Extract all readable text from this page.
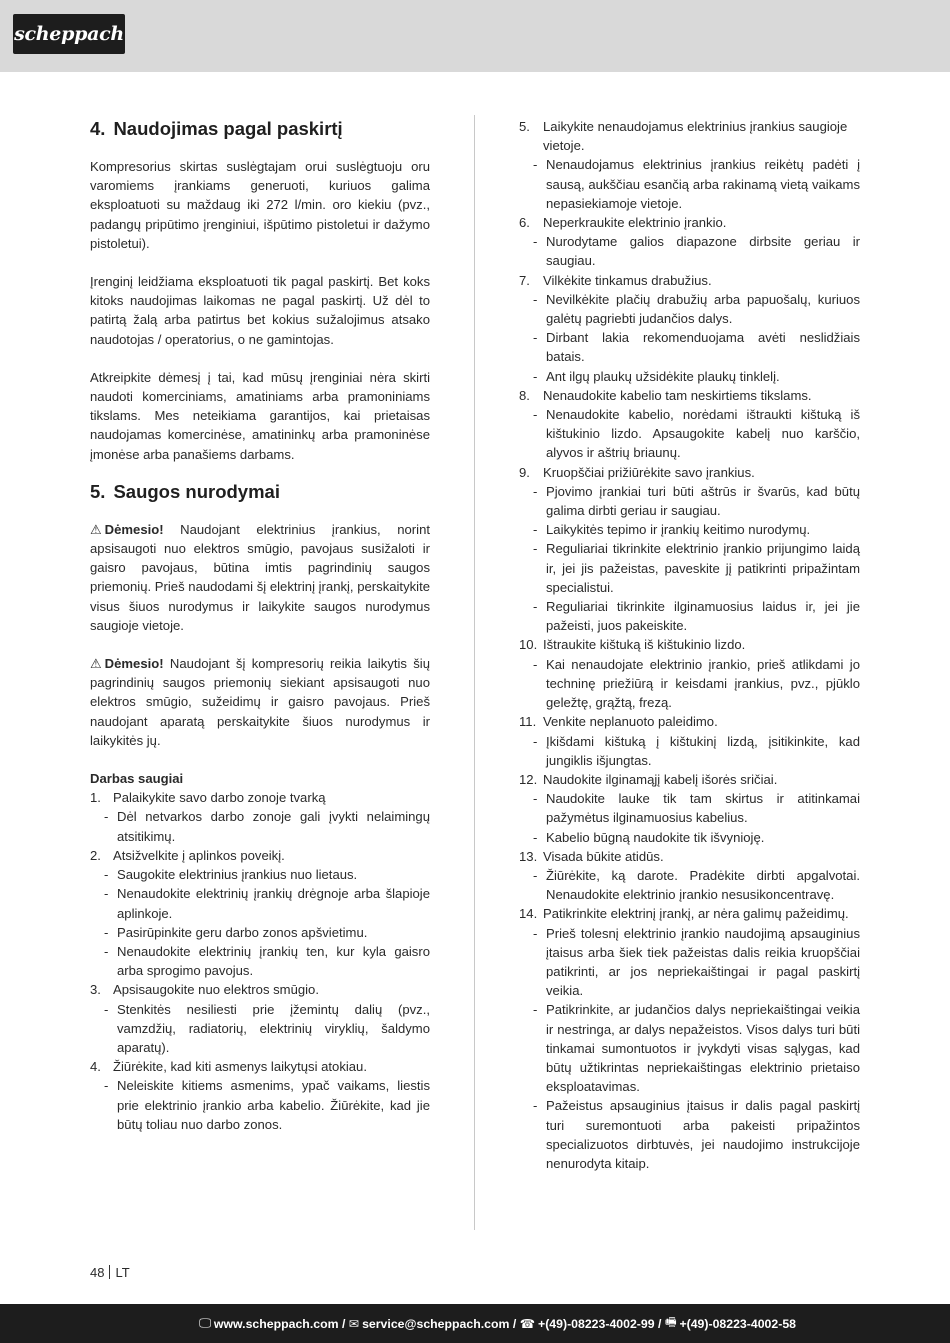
scheppach
4. Naudojimas pagal paskirtį

Kompresorius skirtas suslėgtajam orui suslėgtuoju oru varomiems įrankiams generuoti, kuriuos galima eksploatuoti su maždaug iki 272 l/min. oro kiekiu (pvz., padangų pripūtimo įrenginiui, išpūtimo pistoletui ir dažymo pistoletui).

Įrenginį leidžiama eksploatuoti tik pagal paskirtį. Bet koks kitoks naudojimas laikomas ne pagal paskirtį. Už dėl to patirtą žalą arba patirtus bet kokius sužalojimus atsako naudotojas / operatorius, o ne gamintojas.

Atkreipkite dėmesį į tai, kad mūsų įrenginiai nėra skirti naudoti komerciniams, amatiniams arba pramoniniams tikslams. Mes neteikiama garantijos, kai prietaisas naudojamas komercinėse, amatininkų arba pramoninėse įmonėse arba panašiems darbams.

5. Saugos nurodymai

⚠ Dėmesio! Naudojant elektrinius įrankius, norint apsisaugoti nuo elektros smūgio, pavojaus susižaloti ir gaisro pavojaus, būtina imtis pagrindinių saugos priemonių. Prieš naudodami šį elektrinį įrankį, perskaitykite visus šiuos nurodymus ir laikykite saugos nurodymus saugioje vietoje.

⚠ Dėmesio! Naudojant šį kompresorių reikia laikytis šių pagrindinių saugos priemonių siekiant apsisaugoti nuo elektros smūgio, sužeidimų ir gaisro pavojaus. Prieš naudojant aparatą perskaitykite šiuos nurodymus ir laikykitės jų.

Darbas saugiai
1. Palaikykite savo darbo zonoje tvarką
- Dėl netvarkos darbo zonoje gali įvykti nelaimingų atsitikimų.
2. Atsižvelkite į aplinkos poveikį.
- Saugokite elektrinius įrankius nuo lietaus.
- Nenaudokite elektrinių įrankių drėgnoje arba šlapioje aplinkoje.
- Pasirūpinkite geru darbo zonos apšvietimu.
- Nenaudokite elektrinių įrankių ten, kur kyla gaisro arba sprogimo pavojus.
3. Apsisaugokite nuo elektros smūgio.
- Stenkitės nesiliesti prie įžemintų dalių (pvz., vamzdžių, radiatorių, elektrinių viryklių, šaldymo aparatų).
4. Žiūrėkite, kad kiti asmenys laikytųsi atokiau.
- Neleiskite kitiems asmenims, ypač vaikams, liestis prie elektrinio įrankio arba kabelio. Žiūrėkite, kad jie būtų toliau nuo darbo zonos.
5. Laikykite nenaudojamus elektrinius įrankius saugioje vietoje.
- Nenaudojamus elektrinius įrankius reikėtų padėti į sausą, aukščiau esančią arba rakinamą vietą vaikams nepasiekiamoje vietoje.
6. Neperkraukite elektrinio įrankio.
- Nurodytame galios diapazone dirbsite geriau ir saugiau.
7. Vilkėkite tinkamus drabužius.
- Nevilkėkite plačių drabužių arba papuošalų, kuriuos galėtų pagriebti judančios dalys.
- Dirbant lakia rekomenduojama avėti neslidžiais batais.
- Ant ilgų plaukų užsidėkite plaukų tinklelį.
8. Nenaudokite kabelio tam neskirtiems tikslams.
- Nenaudokite kabelio, norėdami ištraukti kištuką iš kištukinio lizdo. Apsaugokite kabelį nuo karščio, alyvos ir aštrių briaunų.
9. Kruopščiai prižiūrėkite savo įrankius.
- Pjovimo įrankiai turi būti aštrūs ir švarūs, kad būtų galima dirbti geriau ir saugiau.
- Laikykitės tepimo ir įrankių keitimo nurodymų.
- Reguliariai tikrinkite elektrinio įrankio prijungimo laidą ir, jei jis pažeistas, paveskite jį patikrinti pripažintam specialistui.
- Reguliariai tikrinkite ilginamuosius laidus ir, jei jie pažeisti, juos pakeiskite.
10. Ištraukite kištuką iš kištukinio lizdo.
- Kai nenaudojate elektrinio įrankio, prieš atlikdami jo techninę priežiūrą ir keisdami įrankius, pvz., pjūklo geležtę, grąžtą, frezą.
11. Venkite neplanuoto paleidimo.
- Įkišdami kištuką į kištukinį lizdą, įsitikinkite, kad jungiklis išjungtas.
12. Naudokite ilginamąjį kabelį išorės sričiai.
- Naudokite lauke tik tam skirtus ir atitinkamai pažymėtus ilginamuosius kabelius.
- Kabelio būgną naudokite tik išvynioję.
13. Visada būkite atidūs.
- Žiūrėkite, ką darote. Pradėkite dirbti apgalvotai. Nenaudokite elektrinio įrankio nesusikoncentravę.
14. Patikrinkite elektrinį įrankį, ar nėra galimų pažeidimų.
- Prieš tolesnį elektrinio įrankio naudojimą apsauginius įtaisus arba šiek tiek pažeistas dalis reikia kruopščiai patikrinti, ar jos nepriekaištingai ir pagal paskirtį veikia.
- Patikrinkite, ar judančios dalys nepriekaištingai veikia ir nestringa, ar dalys nepažeistos. Visos dalys turi būti tinkamai sumontuotos ir įvykdyti visas sąlygas, kad būtų užtikrintas nepriekaištingas elektrinio prietaiso eksploatavimas.
- Pažeistus apsauginius įtaisus ir dalis pagal paskirtį turi suremontuoti arba pakeisti pripažintos specializuotos dirbtuvės, jei naudojimo instrukcijoje nenurodyta kitaip.
48 LT
🖵 www.scheppach.com / ✉ service@scheppach.com / ☎ +(49)-08223-4002-99 / 🖷 +(49)-08223-4002-58
